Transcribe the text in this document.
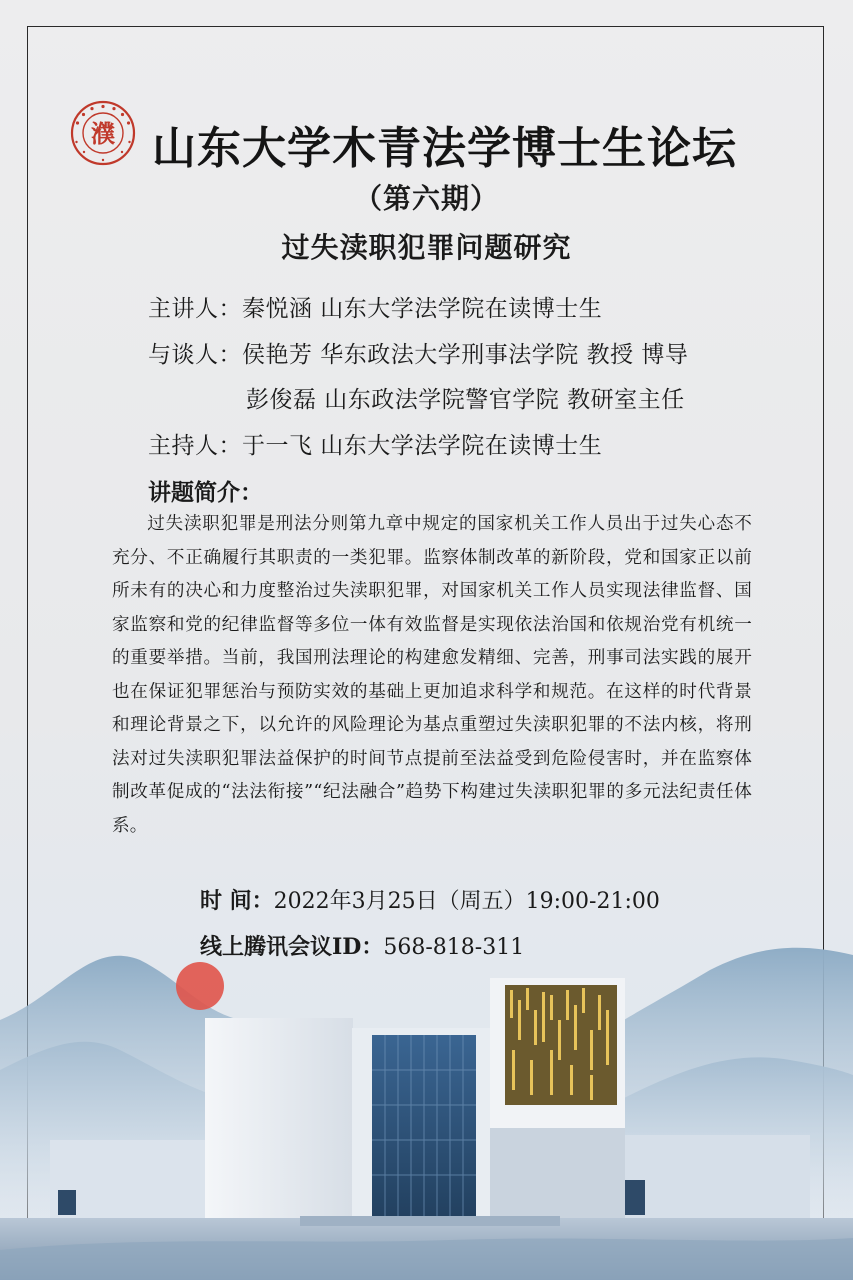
濮 山东大学木青法学博士生论坛
（第六期）
过失渎职犯罪问题研究
主讲人：秦悦涵 山东大学法学院在读博士生
与谈人：侯艳芳 华东政法大学刑事法学院 教授 博导
彭俊磊 山东政法学院警官学院 教研室主任
主持人：于一飞 山东大学法学院在读博士生
讲题简介：

过失渎职犯罪是刑法分则第九章中规定的国家机关工作人员出于过失心态不充分、不正确履行其职责的一类犯罪。监察体制改革的新阶段，党和国家正以前所未有的决心和力度整治过失渎职犯罪，对国家机关工作人员实现法律监督、国家监察和党的纪律监督等多位一体有效监督是实现依法治国和依规治党有机统一的重要举措。当前，我国刑法理论的构建愈发精细、完善，刑事司法实践的展开也在保证犯罪惩治与预防实效的基础上更加追求科学和规范。在这样的时代背景和理论背景之下，以允许的风险理论为基点重塑过失渎职犯罪的不法内核，将刑法对过失渎职犯罪法益保护的时间节点提前至法益受到危险侵害时，并在监察体制改革促成的“法法衔接”“纪法融合”趋势下构建过失渎职犯罪的多元法纪责任体系。

时 间：2022年3月25日（周五）19:00-21:00
线上腾讯会议ID：568-818-311
